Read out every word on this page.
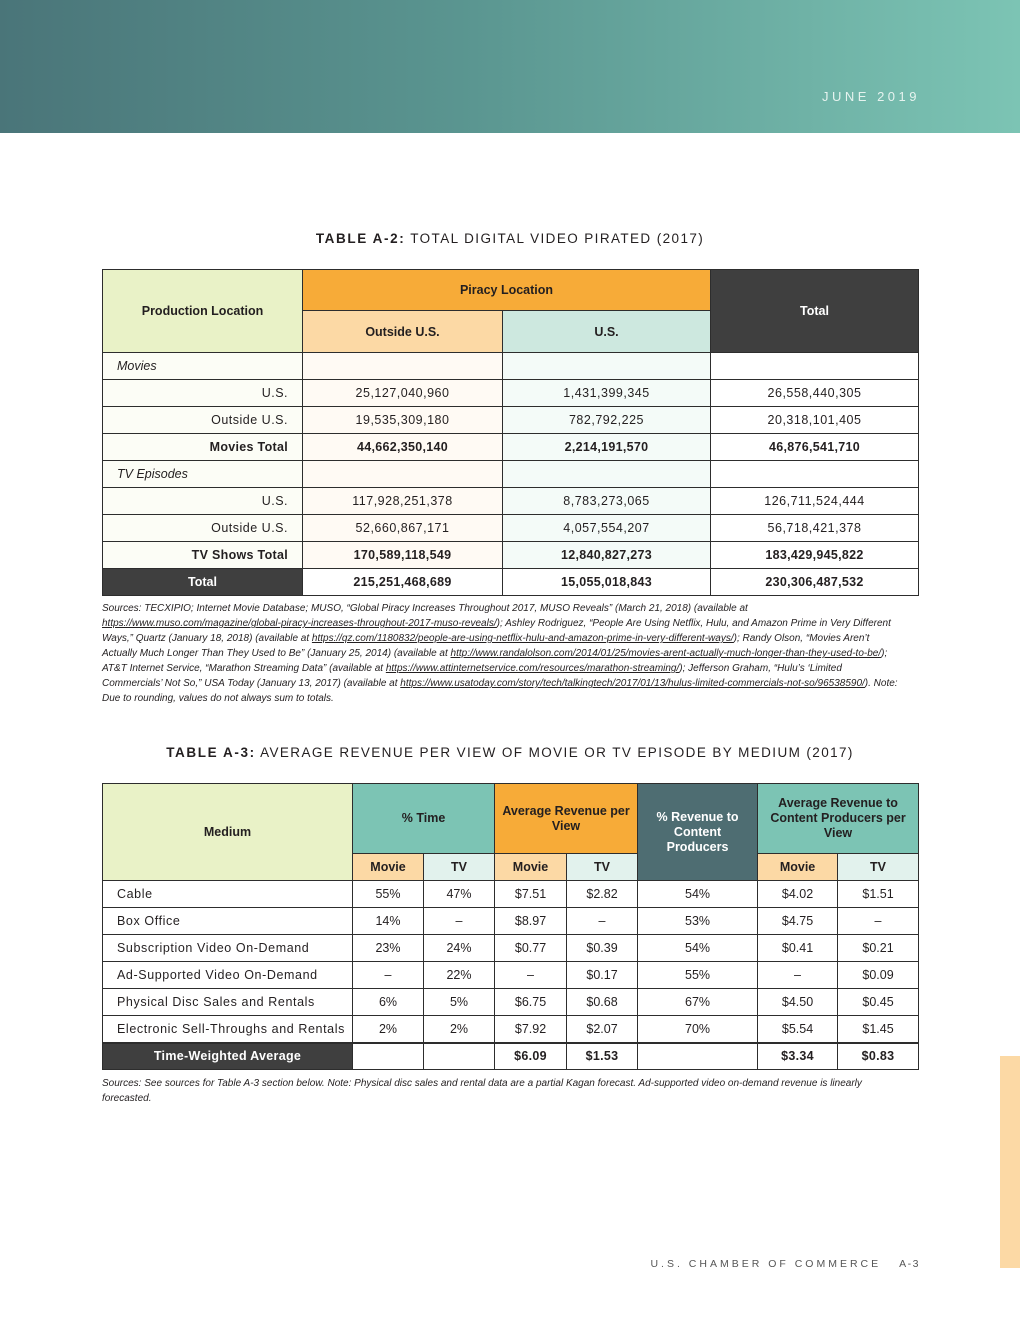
JUNE 2019
TABLE A-2: TOTAL DIGITAL VIDEO PIRATED (2017)
Production Location	Piracy Location		Total
	Outside U.S.	U.S.	
Movies			
U.S.	25,127,040,960	1,431,399,345	26,558,440,305
Outside U.S.	19,535,309,180	782,792,225	20,318,101,405
Movies Total	44,662,350,140	2,214,191,570	46,876,541,710
TV Episodes			
U.S.	117,928,251,378	8,783,273,065	126,711,524,444
Outside U.S.	52,660,867,171	4,057,554,207	56,718,421,378
TV Shows Total	170,589,118,549	12,840,827,273	183,429,945,822
Total	215,251,468,689	15,055,018,843	230,306,487,532
Sources: TECXIPIO; Internet Movie Database; MUSO, “Global Piracy Increases Throughout 2017, MUSO Reveals” (March 21, 2018) (available at https://www.muso.com/magazine/global-piracy-increases-throughout-2017-muso-reveals/); Ashley Rodriguez, “People Are Using Netflix, Hulu, and Amazon Prime in Very Different Ways,” Quartz (January 18, 2018) (available at https://qz.com/1180832/people-are-using-netflix-hulu-and-amazon-prime-in-very-different-ways/); Randy Olson, “Movies Aren’t Actually Much Longer Than They Used to Be” (January 25, 2014) (available at http://www.randalolson.com/2014/01/25/movies-arent-actually-much-longer-than-they-used-to-be/); AT&T Internet Service, “Marathon Streaming Data” (available at https://www.attinternetservice.com/resources/marathon-streaming/); Jefferson Graham, “Hulu’s ‘Limited Commercials’ Not So,” USA Today (January 13, 2017) (available at https://www.usatoday.com/story/tech/talkingtech/2017/01/13/hulus-limited-commercials-not-so/96538590/). Note: Due to rounding, values do not always sum to totals.
TABLE A-3: AVERAGE REVENUE PER VIEW OF MOVIE OR TV EPISODE BY MEDIUM (2017)
Medium	% Time		Average Revenue per View		% Revenue to Content Producers	Average Revenue to Content Producers per View	
	Movie	TV	Movie	TV		Movie	TV
Cable	55%	47%	$7.51	$2.82	54%	$4.02	$1.51
Box Office	14%	–	$8.97	–	53%	$4.75	–
Subscription Video On-Demand	23%	24%	$0.77	$0.39	54%	$0.41	$0.21
Ad-Supported Video On-Demand	–	22%	–	$0.17	55%	–	$0.09
Physical Disc Sales and Rentals	6%	5%	$6.75	$0.68	67%	$4.50	$0.45
Electronic Sell-Throughs and Rentals	2%	2%	$7.92	$2.07	70%	$5.54	$1.45
Time-Weighted Average			$6.09	$1.53		$3.34	$0.83
Sources: See sources for Table A-3 section below. Note: Physical disc sales and rental data are a partial Kagan forecast. Ad-supported video on-demand revenue is linearly forecasted.
U.S. CHAMBER OF COMMERCE A-3
